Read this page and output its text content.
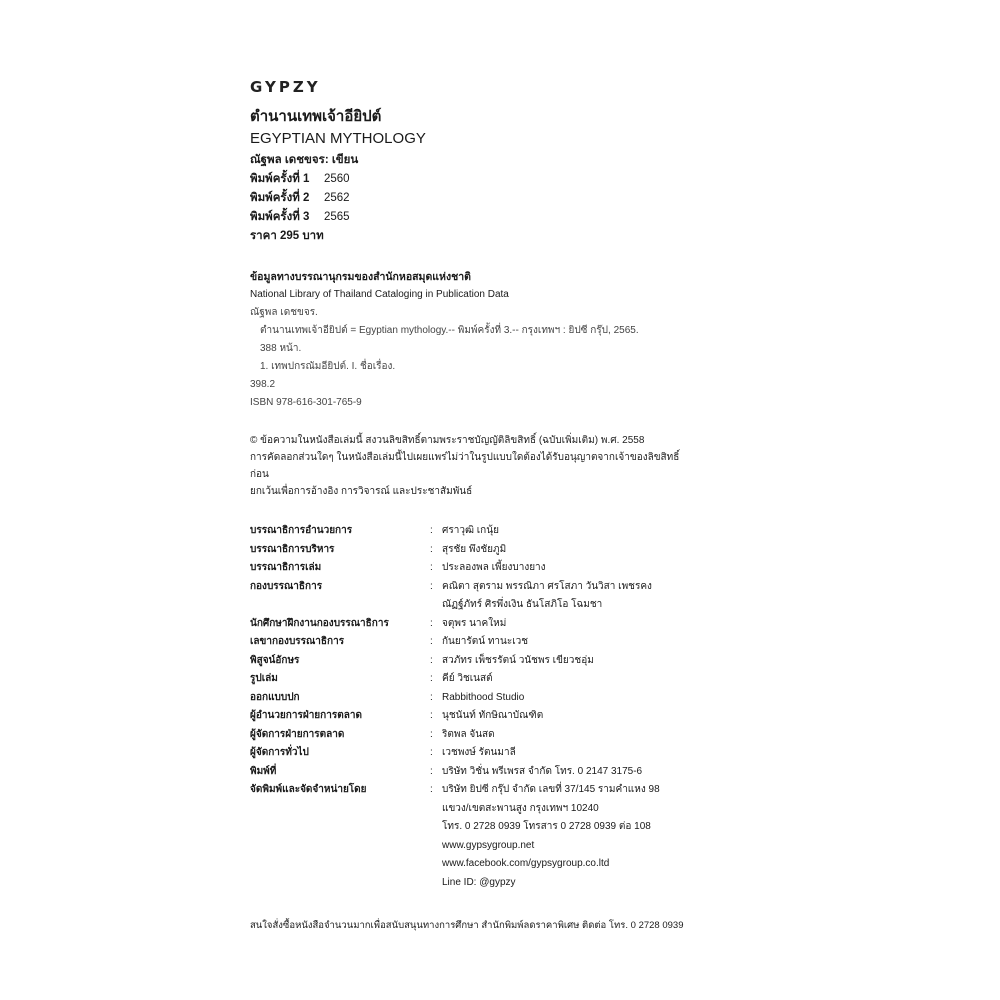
GYPZY
ตำนานเทพเจ้าอียิปต์
EGYPTIAN MYTHOLOGY
ณัฐพล เดชขจร: เขียน
พิมพ์ครั้งที่ 1	2560
พิมพ์ครั้งที่ 2	2562
พิมพ์ครั้งที่ 3	2565
ราคา 295 บาท
ข้อมูลทางบรรณานุกรมของสำนักหอสมุดแห่งชาติ
National Library of Thailand Cataloging in Publication Data
ณัฐพล เดชขจร.
ตำนานเทพเจ้าอียิปต์ = Egyptian mythology.-- พิมพ์ครั้งที่ 3.-- กรุงเทพฯ : ยิปซี กรุ๊ป, 2565.
388 หน้า.
1. เทพปกรณัมอียิปต์. I. ชื่อเรื่อง.
398.2
ISBN 978-616-301-765-9
© ข้อความในหนังสือเล่มนี้ สงวนลิขสิทธิ์ตามพระราชบัญญัติลิขสิทธิ์ (ฉบับเพิ่มเติม) พ.ศ. 2558
การคัดลอกส่วนใดๆ ในหนังสือเล่มนี้ไปเผยแพร่ไม่ว่าในรูปแบบใดต้องได้รับอนุญาตจากเจ้าของลิขสิทธิ์ก่อน
ยกเว้นเพื่อการอ้างอิง การวิจารณ์ และประชาสัมพันธ์
บรรณาธิการอำนวยการ	: ศราวุฒิ เกนุ้ย
บรรณาธิการบริหาร	: สุรชัย พึงชัยภูมิ
บรรณาธิการเล่ม	: ประลองพล เพี้ยงบางยาง
กองบรรณาธิการ	: คณิตา สุตราม พรรณิภา ศรโสภา วันวิสา เพชรคง
ณัฏฐ์ภัทร์ ศิรพึ่งเงิน ธันโสภิโอ โฉมชา
นักศึกษาฝึกงานกองบรรณาธิการ	: จตุพร นาคใหม่
เลขากองบรรณาธิการ	: กันยารัตน์ ทานะเวช
พิสูจน์อักษร	: สวภัทร เพ็ชรรัตน์ วนัชพร เขียวชอุ่ม
รูปเล่ม	: คีย์ วิชเนสต์
ออกแบบปก	: Rabbithood Studio
ผู้อำนวยการฝ่ายการตลาด	: นุชนันท์ ทักษิณาบัณฑิต
ผู้จัดการฝ่ายการตลาด	: ริตพล จันสด
ผู้จัดการทั่วไป	: เวชพงษ์ รัตนมาลี
พิมพ์ที่	: บริษัท วิชั่น พรีเพรส จำกัด โทร. 0 2147 3175-6
จัดพิมพ์และจัดจำหน่ายโดย	: บริษัท ยิปซี กรุ๊ป จำกัด เลขที่ 37/145 รามคำแหง 98
แขวง/เขตสะพานสูง กรุงเทพฯ 10240
โทร. 0 2728 0939 โทรสาร 0 2728 0939 ต่อ 108
www.gypsygroup.net
www.facebook.com/gypsygroup.co.ltd
Line ID: @gypzy
สนใจสั่งซื้อหนังสือจำนวนมากเพื่อสนับสนุนทางการศึกษา สำนักพิมพ์ลดราคาพิเศษ ติดต่อ โทร. 0 2728 0939
